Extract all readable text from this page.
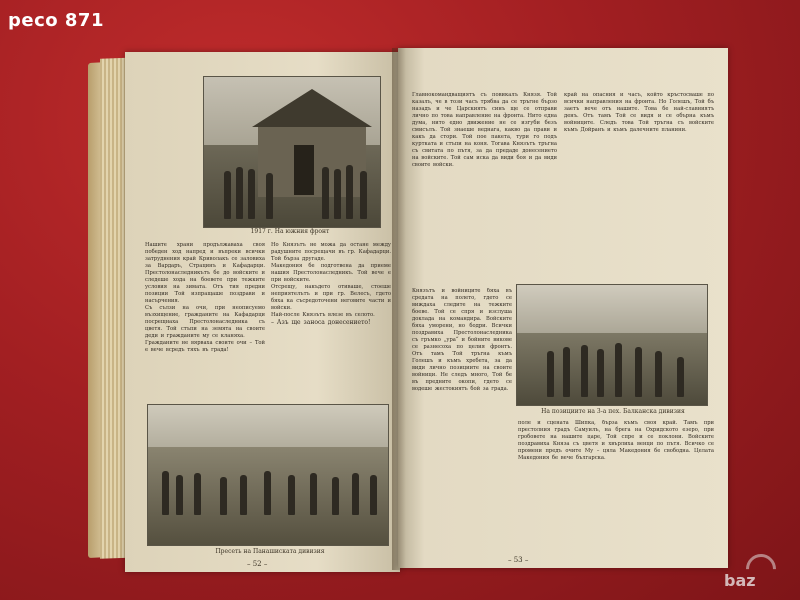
peco 871
1917 г. На южния фронт
Нашите храни продължаваха своя победен ход напред и въпреки всички затруднения край Криволакъ се заловиха за Вардаръ, Страцинъ и Кафадарци. Престолонаследникътъ бе до войските и следеше хода на боевете при тежките условия на зимата. Отъ тия предни позиции Той изпращаше поздрави и насърчения.
Съ сълзи на очи, при неописуемо възхищение, гражданите на Кафадарци посрещнаха Престолонаследника съ цветя. Той стъпи на земята на своите деди и гражданите му се кланяха.
Гражданите не вярваха своите очи – Той е вече всредъ тяхъ въ града!
Но Князътъ не можа да остане между радушните посрещачи въ гр. Кафадарци. Той бърза другаде.
Македония бе подготвена да приеме нашия Престолонаследникъ. Той вече е при войските.
Отсрещу, накъдето отиваше, стоеше неприятелътъ и при гр. Велесъ, гдето бяха ка съсредоточени неговите части и войски.
Най-после Князътъ влезе въ селото.
– Азъ ще заноса донесението!
Пресеть на Панашиската дивизия
– 52 –
Главнокомандващиятъ съ повикалъ Князя. Той казалъ, че в този часъ трябва да се тръгне бързо назадъ и че Царскиятъ синъ ще се отправи лично по това направление на фронта. Нито една дума, нито едно движение не се изгуби безъ смисълъ. Той знаеше веднага, какво да прави и какъ да стори. Той пое пакета, тури го подъ куртката и стъпи на коня. Тогава Князътъ тръгна съ свитата по пътя, за да предаде донесението на войските. Той сам иска да види боя и да види своите войски.
край на опасния и часъ, който кръстосваше по всички направления на фронта. Но Голешъ, Той бъ заетъ вече отъ нашите. Това бе най-славниятъ денъ. Отъ тамъ Той се видя и се обърна къмъ войниците. Следъ това Той тръгна съ войските къмъ Дойранъ и къмъ далечните планини.
На позициите на 3-а пех. Балканска дивизия
Князътъ и войниците бяха въ средата на полето, гдето се виждаха следите на тежките боеве. Той се спря и изслуша доклада на командира. Войските бяха уморени, но бодри. Всички поздравиха Престолонаследника съ гръмко „ура“ и бойните викове се разнесоха по целия фронтъ. Отъ тамъ Той тръгна къмъ Голешъ и къмъ хребета, за да види лично позициите на своите войници. Не следъ много, Той бе въ предните окопи, гдето се водеше жестокиятъ бой за града.
поле и сцената Шипка, бърза къмъ своя край. Тамъ при престолния градъ Самуилъ, на брега на Охридското езеро, при гробовете на нашите царе, Той спре и се поклони. Войските поздравиха Княза съ цветя и хвърлиха венци по пътя. Всичко се промени предъ очите Му – цяла Македония бе свободна. Целата Македония бе вече българска.
– 53 –
baz
